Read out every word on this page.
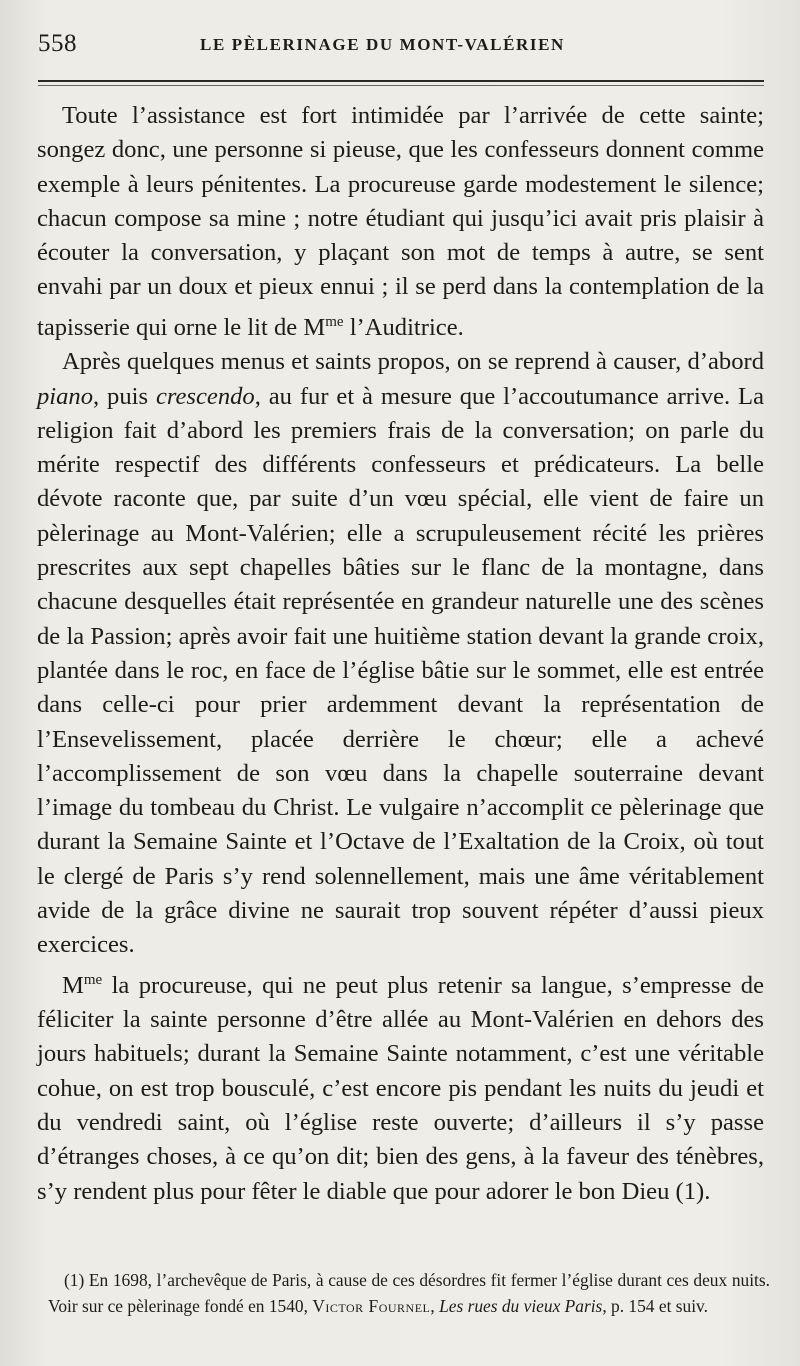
558	LE PÈLERINAGE DU MONT-VALÉRIEN

Toute l’assistance est fort intimidée par l’arrivée de cette sainte; songez donc, une personne si pieuse, que les confesseurs donnent comme exemple à leurs pénitentes. La procureuse garde modestement le silence; chacun compose sa mine ; notre étudiant qui jusqu’ici avait pris plaisir à écouter la conversation, y plaçant son mot de temps à autre, se sent envahi par un doux et pieux ennui ; il se perd dans la contemplation de la tapisserie qui orne le lit de $M^{me}$ l’Auditrice.

Après quelques menus et saints propos, on se reprend à causer, d’abord piano, puis crescendo, au fur et à mesure que l’accoutumance arrive. La religion fait d’abord les premiers frais de la conversation; on parle du mérite respectif des différents confesseurs et prédicateurs. La belle dévote raconte que, par suite d’un vœu spécial, elle vient de faire un pèlerinage au Mont-Valérien; elle a scrupuleusement récité les prières prescrites aux sept chapelles bâties sur le flanc de la montagne, dans chacune desquelles était représentée en grandeur naturelle une des scènes de la Passion; après avoir fait une huitième station devant la grande croix, plantée dans le roc, en face de l’église bâtie sur le sommet, elle est entrée dans celle-ci pour prier ardemment devant la représentation de l’Ensevelissement, placée derrière le chœur; elle a achevé l’accomplissement de son vœu dans la chapelle souterraine devant l’image du tombeau du Christ. Le vulgaire n’accomplit ce pèlerinage que durant la Semaine Sainte et l’Octave de l’Exaltation de la Croix, où tout le clergé de Paris s’y rend solennellement, mais une âme véritablement avide de la grâce divine ne saurait trop souvent répéter d’aussi pieux exercices.

$M^{me}$ la procureuse, qui ne peut plus retenir sa langue, s’empresse de féliciter la sainte personne d’être allée au Mont-Valérien en dehors des jours habituels; durant la Semaine Sainte notamment, c’est une véritable cohue, on est trop bousculé, c’est encore pis pendant les nuits du jeudi et du vendredi saint, où l’église reste ouverte; d’ailleurs il s’y passe d’étranges choses, à ce qu’on dit; bien des gens, à la faveur des ténèbres, s’y rendent plus pour fêter le diable que pour adorer le bon Dieu (1).

(1) En 1698, l’archevêque de Paris, à cause de ces désordres fit fermer l’église durant ces deux nuits. Voir sur ce pèlerinage fondé en 1540, Victor Fournel, Les rues du vieux Paris, p. 154 et suiv.
